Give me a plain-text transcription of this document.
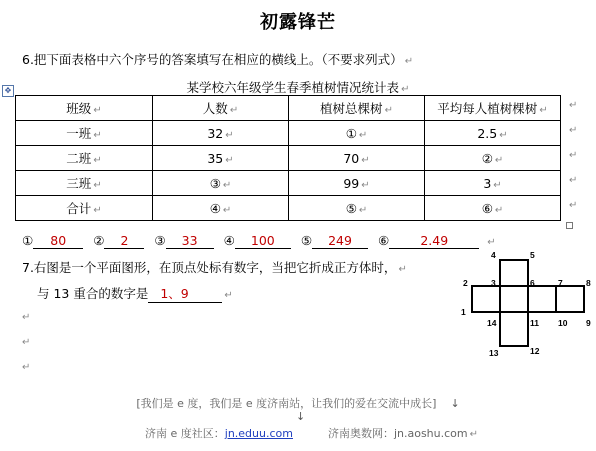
初露锋芒
6.把下面表格中六个序号的答案填写在相应的横线上。（不要求列式） ↵
某学校六年级学生春季植树情况统计表 ↵
✥
班级 ↵	人数 ↵	植树总棵树 ↵	平均每人植树棵树 ↵
一班 ↵	32 ↵	① ↵	2.5 ↵
二班 ↵	35 ↵	70 ↵	② ↵
三班 ↵	③ ↵	99 ↵	3 ↵
合计 ↵	④ ↵	⑤ ↵	⑥ ↵
↵
↵
↵
↵
↵
① 80 ② 2 ③ 33 ④ 100 ⑤ 249 ⑥ 2.49	↵
7.右图是一个平面图形，在顶点处标有数字，当把它折成正方体时， ↵
与 13 重合的数字是 1、9	↵
↵
↵
↵
4	5
2	3	6	7	8
1
14	11 10 9
13	12
[我们是 e 度，我们是 e 度济南站，让我们的爱在交流中成长] ↓
↓
济南 e 度社区：jn.eduu.com	济南奥数网：jn.aoshu.com ↵
